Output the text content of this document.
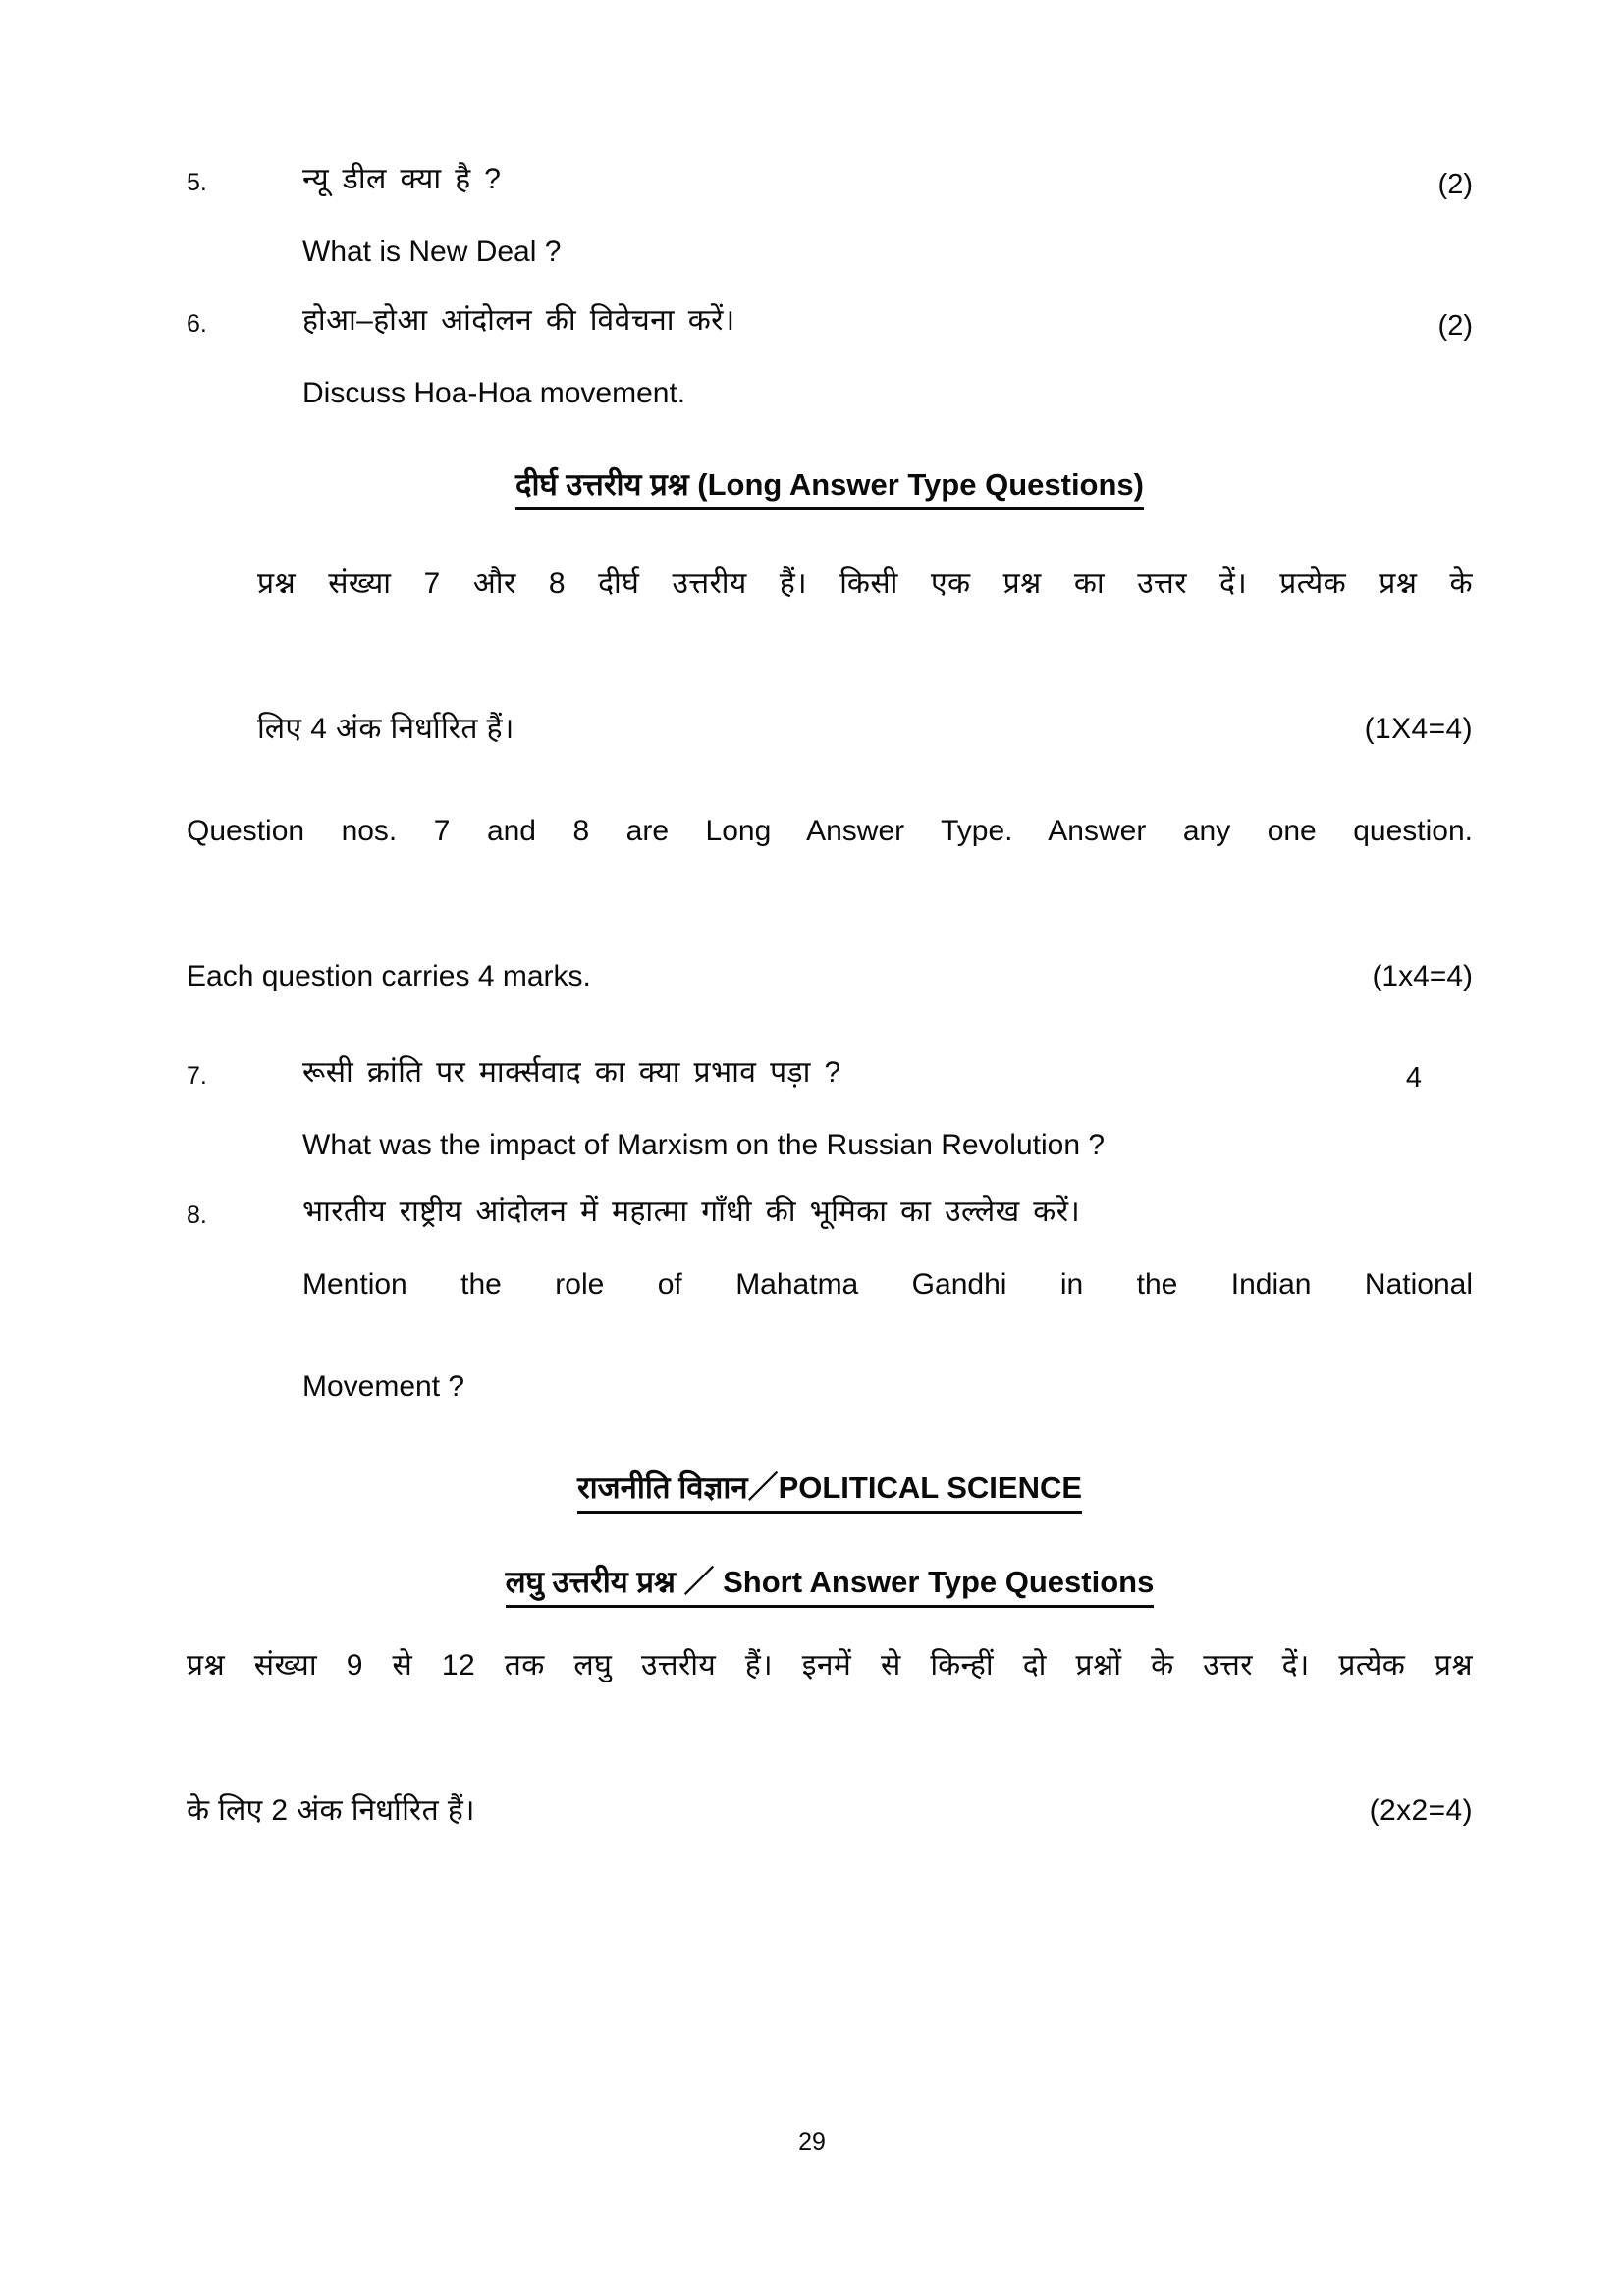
5.	न्यू डील क्या है ?
What is New Deal ?
(2)
6.	होआ–होआ आंदोलन की विवेचना करें।
Discuss Hoa-Hoa movement.
(2)
दीर्घ उत्तरीय प्रश्न (Long Answer Type Questions)
प्रश्न संख्या 7 और 8 दीर्घ उत्तरीय हैं। किसी एक प्रश्न का उत्तर दें। प्रत्येक प्रश्न के
लिए 4 अंक निर्धारित हैं।	(1X4=4)
Question nos. 7 and 8 are Long Answer Type. Answer any one question.
Each question carries 4 marks.	(1x4=4)
7.	रूसी क्रांति पर मार्क्सवाद का क्या प्रभाव पड़ा ?
What was the impact of Marxism on the Russian Revolution ?
4
8.	भारतीय राष्ट्रीय आंदोलन में महात्मा गाँधी की भूमिका का उल्लेख करें।
Mention the role of Mahatma Gandhi in the Indian National
Movement ?
राजनीति विज्ञान／POLITICAL SCIENCE
लघु उत्तरीय प्रश्न ／ Short Answer Type Questions
प्रश्न संख्या 9 से 12 तक लघु उत्तरीय हैं। इनमें से किन्हीं दो प्रश्नों के उत्तर दें। प्रत्येक प्रश्न
के लिए 2 अंक निर्धारित हैं।	(2x2=4)
29
